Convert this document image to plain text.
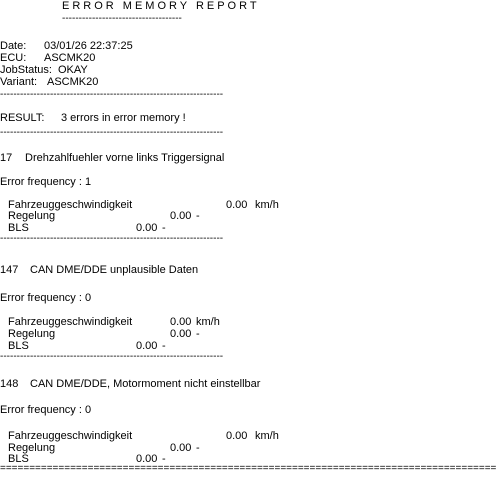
ERROR MEMORY REPORT
------------------------------------
Date: 03/01/26 22:37:25
ECU: ASCMK20
JobStatus: OKAY
Variant: ASCMK20
-------------------------------------------------------------------
RESULT: 3 errors in error memory !
-------------------------------------------------------------------
17 Drehzahlfuehler vorne links Triggersignal
Error frequency : 1
Fahrzeuggeschwindigkeit	0.00 km/h
Regelung	0.00 -
BLS	0.00 -
-------------------------------------------------------------------
147 CAN DME/DDE unplausible Daten
Error frequency : 0
Fahrzeuggeschwindigkeit	0.00 km/h
Regelung	0.00 -
BLS	0.00 -
-------------------------------------------------------------------
148 CAN DME/DDE, Motormoment nicht einstellbar
Error frequency : 0
Fahrzeuggeschwindigkeit	0.00 km/h
Regelung	0.00 -
BLS	0.00 -
=====================================================================================
